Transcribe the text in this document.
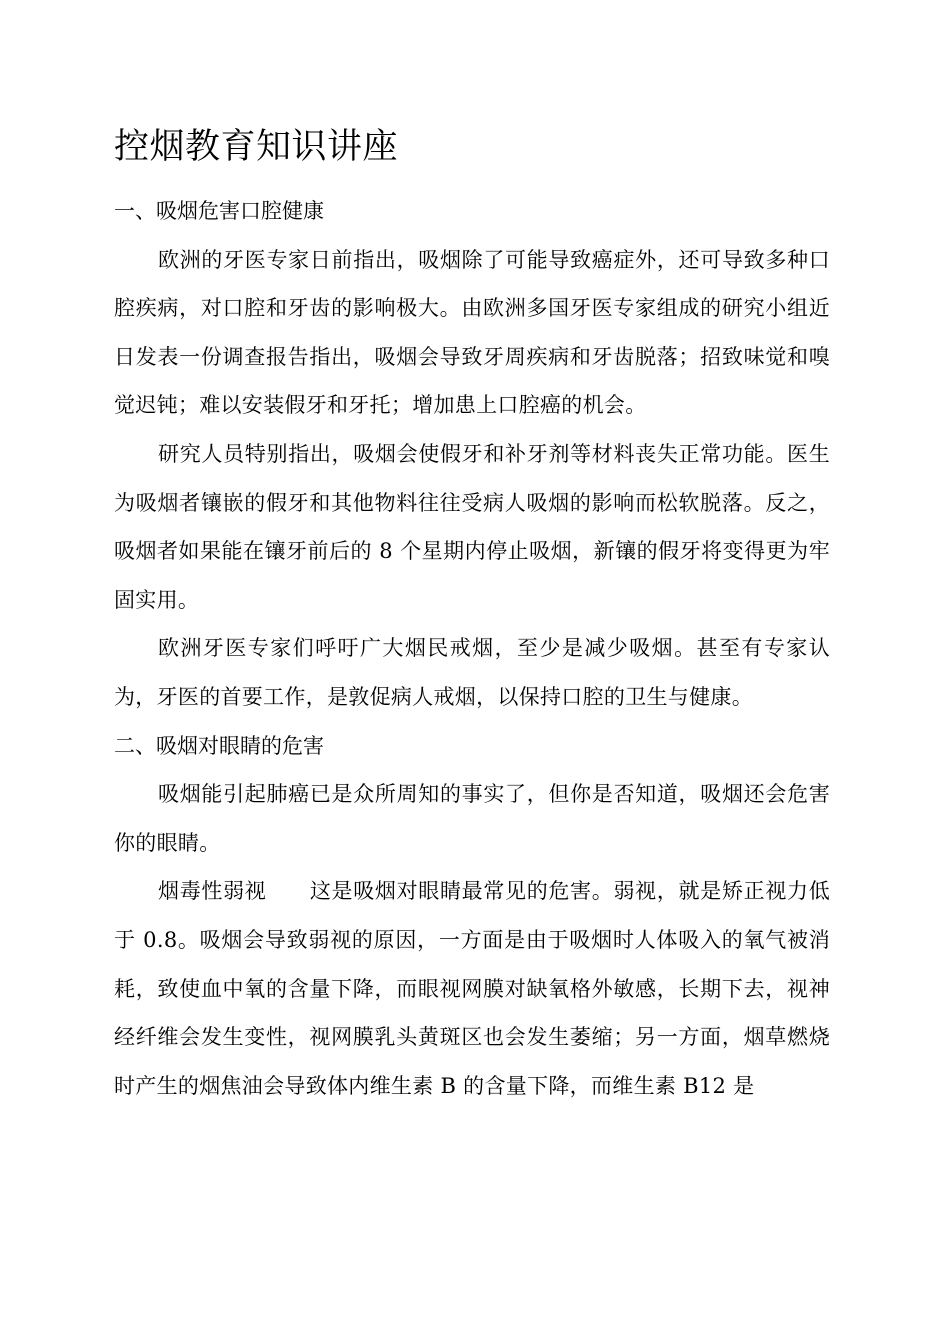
控烟教育知识讲座
一、吸烟危害口腔健康

欧洲的牙医专家日前指出，吸烟除了可能导致癌症外，还可导致多种口腔疾病，对口腔和牙齿的影响极大。由欧洲多国牙医专家组成的研究小组近日发表一份调查报告指出，吸烟会导致牙周疾病和牙齿脱落；招致味觉和嗅觉迟钝；难以安装假牙和牙托；增加患上口腔癌的机会。

研究人员特别指出，吸烟会使假牙和补牙剂等材料丧失正常功能。医生为吸烟者镶嵌的假牙和其他物料往往受病人吸烟的影响而松软脱落。反之，吸烟者如果能在镶牙前后的 8 个星期内停止吸烟，新镶的假牙将变得更为牢固实用。

欧洲牙医专家们呼吁广大烟民戒烟，至少是减少吸烟。甚至有专家认为，牙医的首要工作，是敦促病人戒烟，以保持口腔的卫生与健康。

二、吸烟对眼睛的危害

吸烟能引起肺癌已是众所周知的事实了，但你是否知道，吸烟还会危害你的眼睛。

烟毒性弱视　　这是吸烟对眼睛最常见的危害。弱视，就是矫正视力低于 0.8。吸烟会导致弱视的原因，一方面是由于吸烟时人体吸入的氧气被消耗，致使血中氧的含量下降，而眼视网膜对缺氧格外敏感，长期下去，视神经纤维会发生变性，视网膜乳头黄斑区也会发生萎缩；另一方面，烟草燃烧时产生的烟焦油会导致体内维生素 B 的含量下降，而维生素 B12 是
